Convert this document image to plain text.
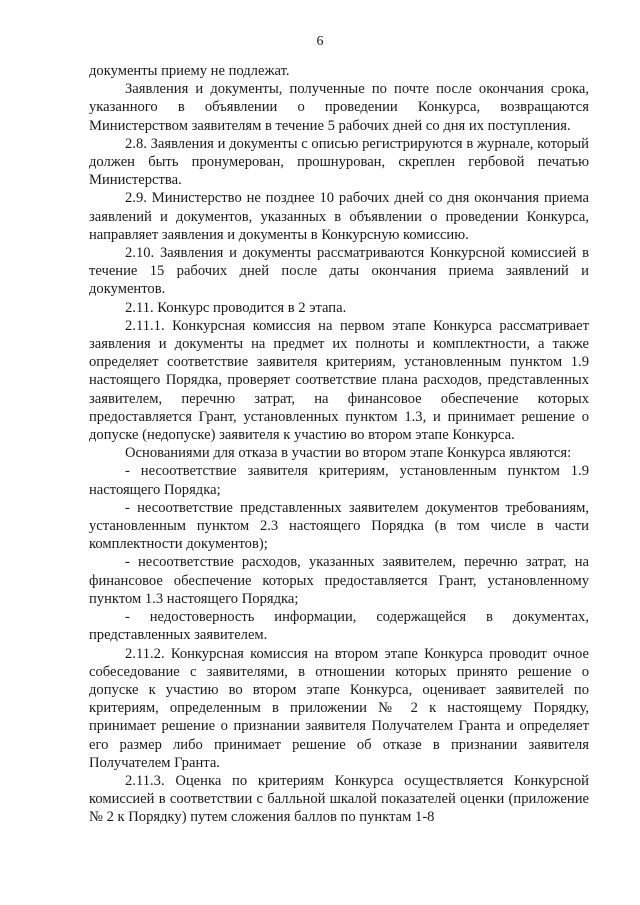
6

документы приему не подлежат.

Заявления и документы, полученные по почте после окончания срока, указанного в объявлении о проведении Конкурса, возвращаются Министерством заявителям в течение 5 рабочих дней со дня их поступления.

2.8. Заявления и документы с описью регистрируются в журнале, который должен быть пронумерован, прошнурован, скреплен гербовой печатью Министерства.

2.9. Министерство не позднее 10 рабочих дней со дня окончания приема заявлений и документов, указанных в объявлении о проведении Конкурса, направляет заявления и документы в Конкурсную комиссию.

2.10. Заявления и документы рассматриваются Конкурсной комиссией в течение 15 рабочих дней после даты окончания приема заявлений и документов.

2.11. Конкурс проводится в 2 этапа.

2.11.1. Конкурсная комиссия на первом этапе Конкурса рассматривает заявления и документы на предмет их полноты и комплектности, а также определяет соответствие заявителя критериям, установленным пунктом 1.9 настоящего Порядка, проверяет соответствие плана расходов, представленных заявителем, перечню затрат, на финансовое обеспечение которых предоставляется Грант, установленных пунктом 1.3, и принимает решение о допуске (недопуске) заявителя к участию во втором этапе Конкурса.

Основаниями для отказа в участии во втором этапе Конкурса являются:

- несоответствие заявителя критериям, установленным пунктом 1.9 настоящего Порядка;

- несоответствие представленных заявителем документов требованиям, установленным пунктом 2.3 настоящего Порядка (в том числе в части комплектности документов);

- несоответствие расходов, указанных заявителем, перечню затрат, на финансовое обеспечение которых предоставляется Грант, установленному пунктом 1.3 настоящего Порядка;

- недостоверность информации, содержащейся в документах, представленных заявителем.

2.11.2. Конкурсная комиссия на втором этапе Конкурса проводит очное собеседование с заявителями, в отношении которых принято решение о допуске к участию во втором этапе Конкурса, оценивает заявителей по критериям, определенным в приложении № 2 к настоящему Порядку, принимает решение о признании заявителя Получателем Гранта и определяет его размер либо принимает решение об отказе в признании заявителя Получателем Гранта.

2.11.3. Оценка по критериям Конкурса осуществляется Конкурсной комиссией в соответствии с балльной шкалой показателей оценки (приложение № 2 к Порядку) путем сложения баллов по пунктам 1-8
